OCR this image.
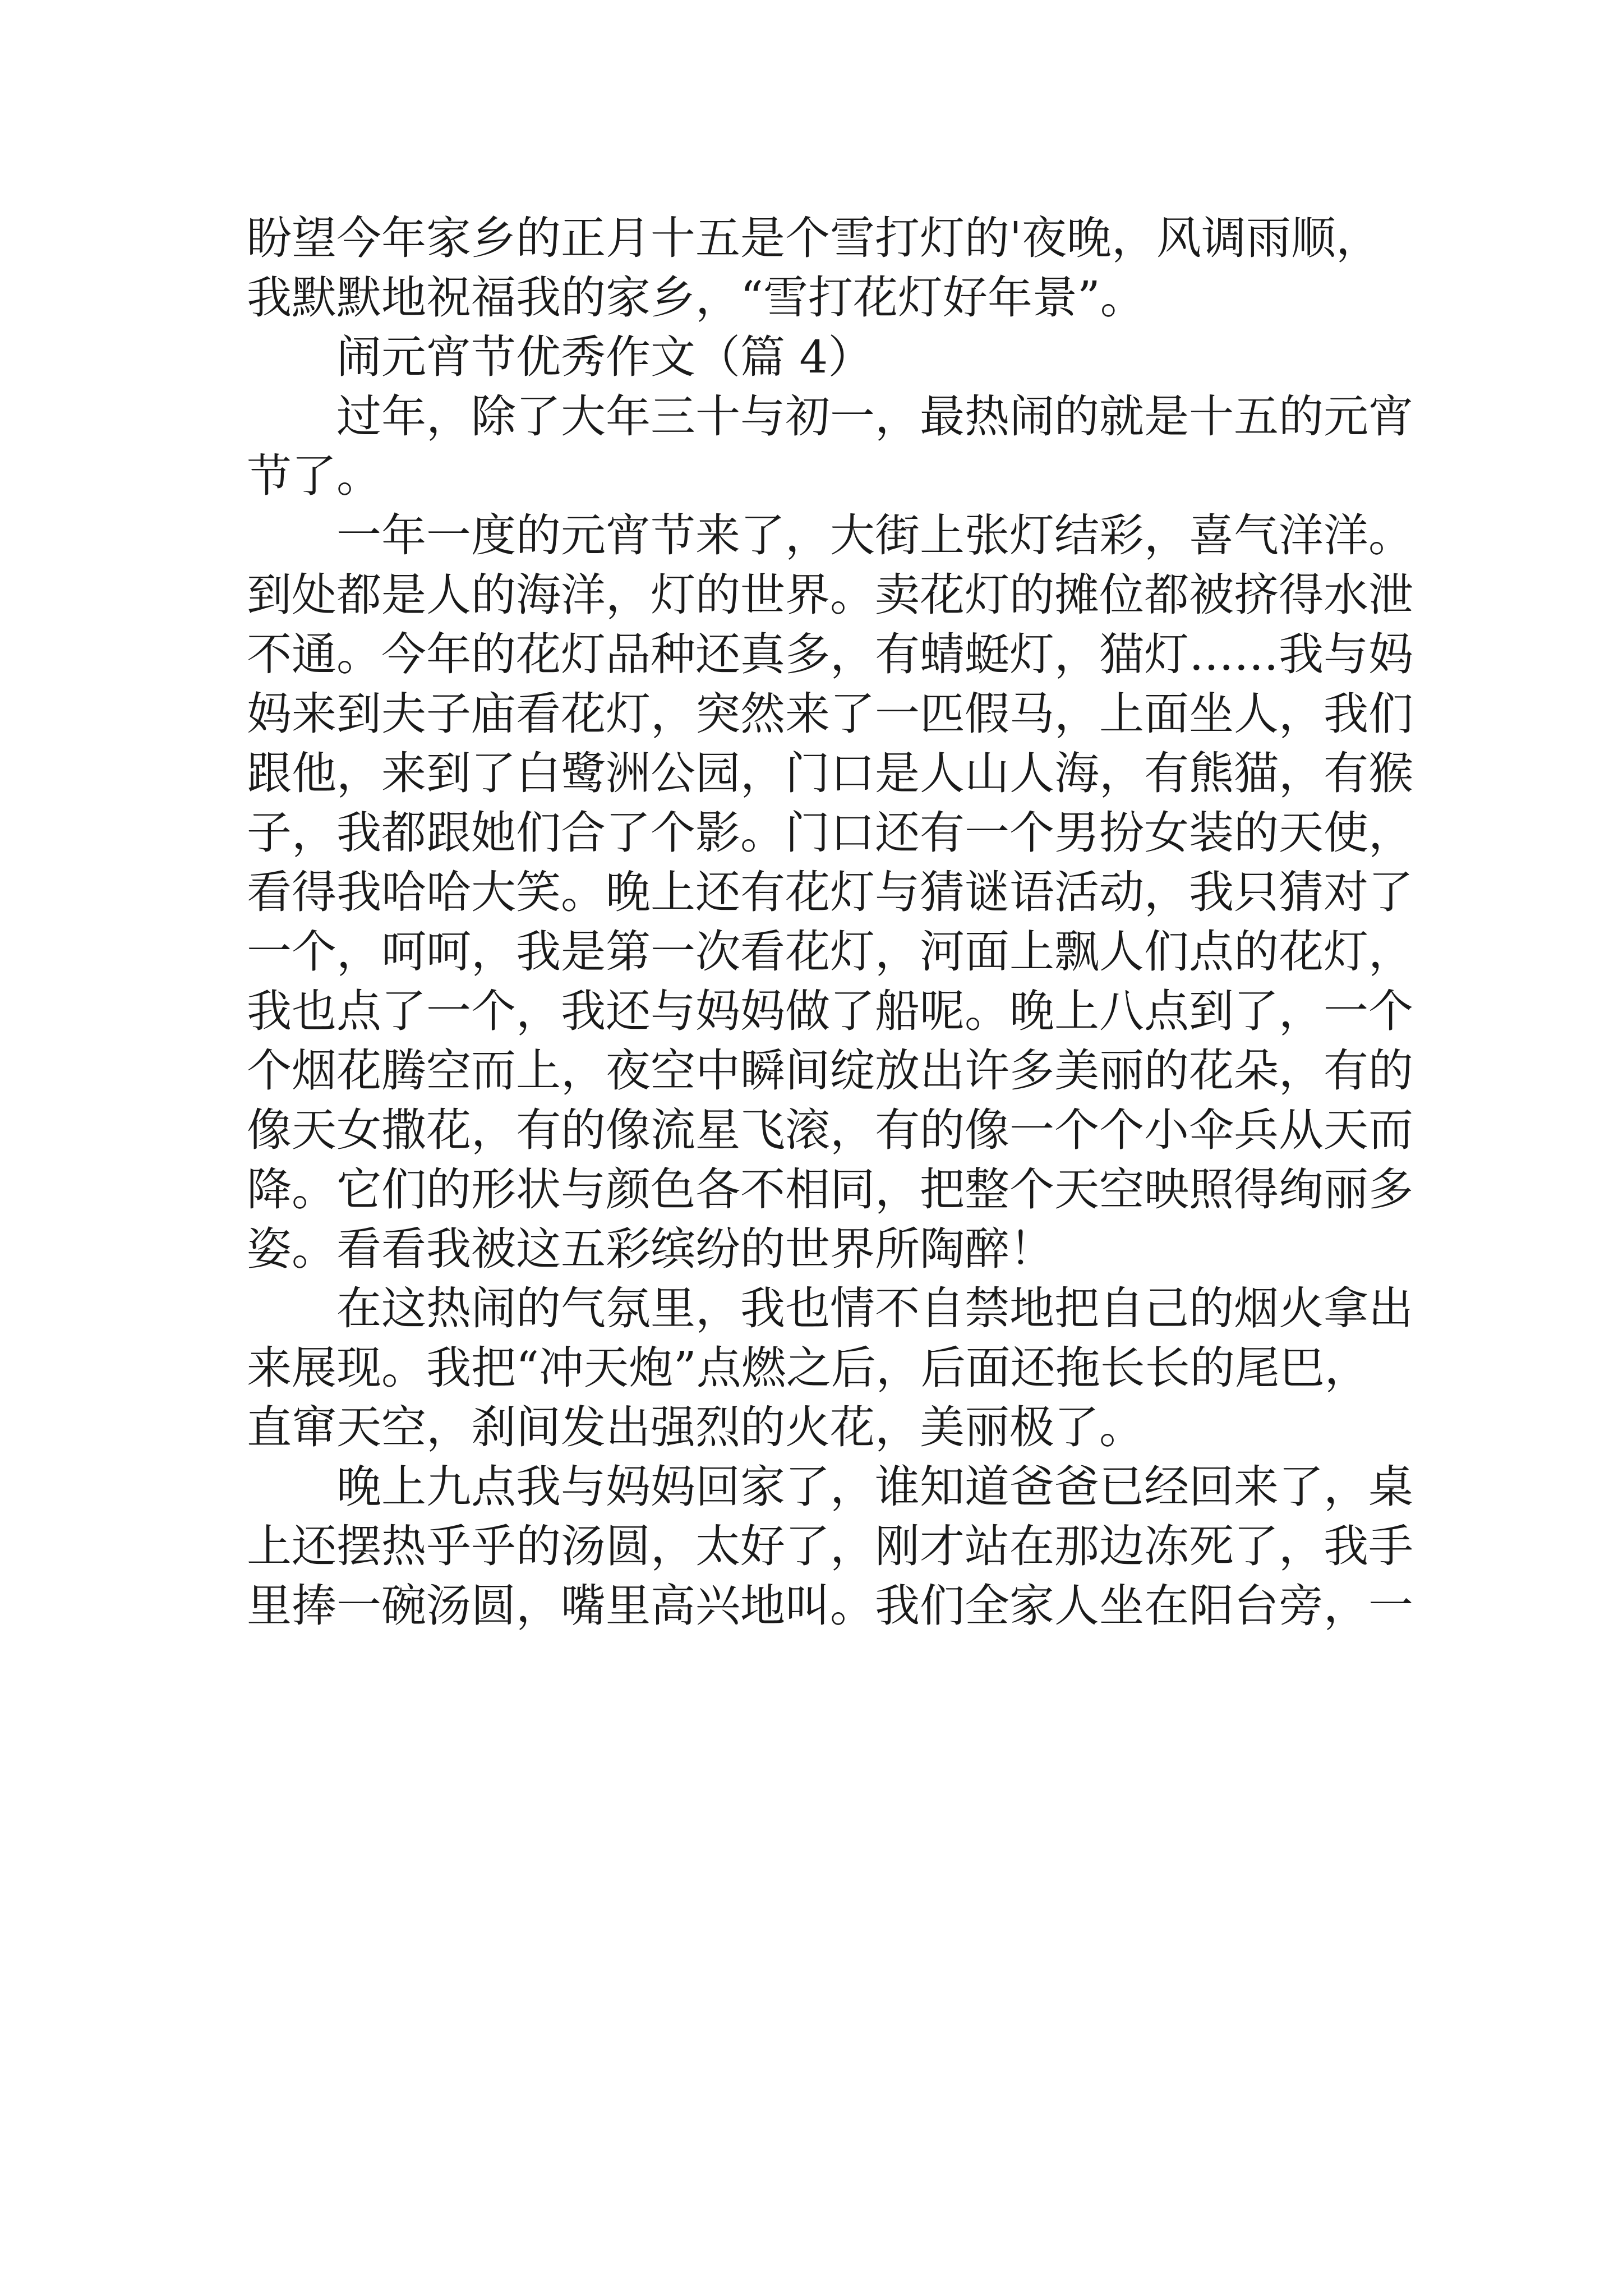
盼望今年家乡的正月十五是个雪打灯的'夜晚，风调雨顺，

我默默地祝福我的家乡，“雪打花灯好年景”。

闹元宵节优秀作文（篇 4）

过年，除了大年三十与初一，最热闹的就是十五的元宵

节了。

一年一度的元宵节来了，大街上张灯结彩，喜气洋洋。

到处都是人的海洋，灯的世界。卖花灯的摊位都被挤得水泄

不通。今年的花灯品种还真多，有蜻蜓灯，猫灯……我与妈

妈来到夫子庙看花灯，突然来了一匹假马，上面坐人，我们

跟他，来到了白鹭洲公园，门口是人山人海，有熊猫，有猴

子，我都跟她们合了个影。门口还有一个男扮女装的天使，

看得我哈哈大笑。晚上还有花灯与猜谜语活动，我只猜对了

一个，呵呵，我是第一次看花灯，河面上飘人们点的花灯，

我也点了一个，我还与妈妈做了船呢。晚上八点到了，一个

个烟花腾空而上，夜空中瞬间绽放出许多美丽的花朵，有的

像天女撒花，有的像流星飞滚，有的像一个个小伞兵从天而

降。它们的形状与颜色各不相同，把整个天空映照得绚丽多

姿。看看我被这五彩缤纷的世界所陶醉！

在这热闹的气氛里，我也情不自禁地把自己的烟火拿出

来展现。我把“冲天炮”点燃之后，后面还拖长长的尾巴，

直窜天空，刹间发出强烈的火花，美丽极了。

晚上九点我与妈妈回家了，谁知道爸爸已经回来了，桌

上还摆热乎乎的汤圆，太好了，刚才站在那边冻死了，我手

里捧一碗汤圆，嘴里高兴地叫。我们全家人坐在阳台旁，一
